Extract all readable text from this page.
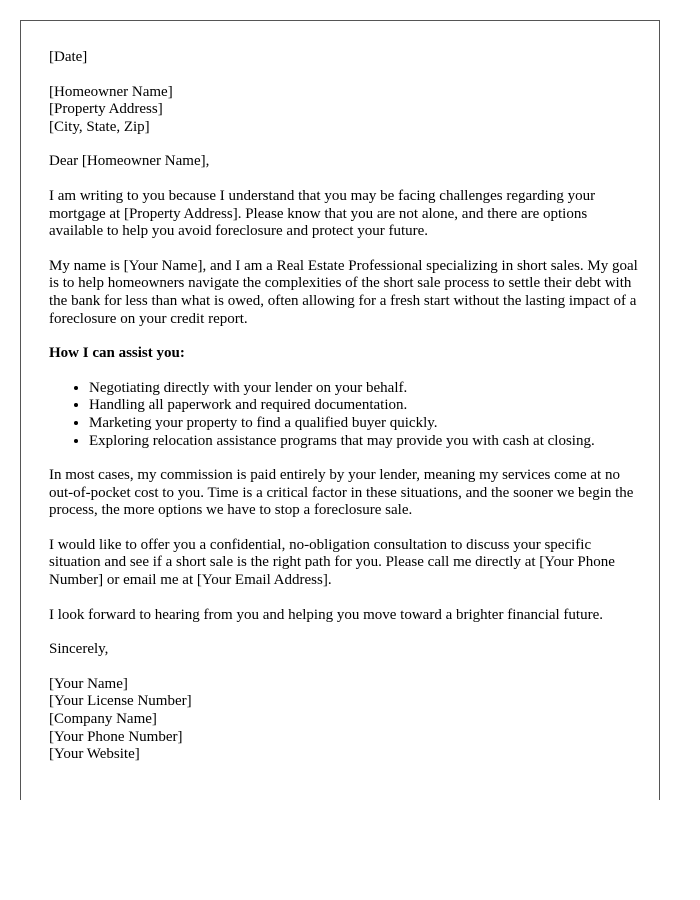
[Date]

[Homeowner Name]
[Property Address]
[City, State, Zip]

Dear [Homeowner Name],

I am writing to you because I understand that you may be facing challenges regarding your mortgage at [Property Address]. Please know that you are not alone, and there are options available to help you avoid foreclosure and protect your future.

My name is [Your Name], and I am a Real Estate Professional specializing in short sales. My goal is to help homeowners navigate the complexities of the short sale process to settle their debt with the bank for less than what is owed, often allowing for a fresh start without the lasting impact of a foreclosure on your credit report.

How I can assist you:

• Negotiating directly with your lender on your behalf.
• Handling all paperwork and required documentation.
• Marketing your property to find a qualified buyer quickly.
• Exploring relocation assistance programs that may provide you with cash at closing.

In most cases, my commission is paid entirely by your lender, meaning my services come at no out-of-pocket cost to you. Time is a critical factor in these situations, and the sooner we begin the process, the more options we have to stop a foreclosure sale.

I would like to offer you a confidential, no-obligation consultation to discuss your specific situation and see if a short sale is the right path for you. Please call me directly at [Your Phone Number] or email me at [Your Email Address].

I look forward to hearing from you and helping you move toward a brighter financial future.

Sincerely,

[Your Name]
[Your License Number]
[Company Name]
[Your Phone Number]
[Your Website]
